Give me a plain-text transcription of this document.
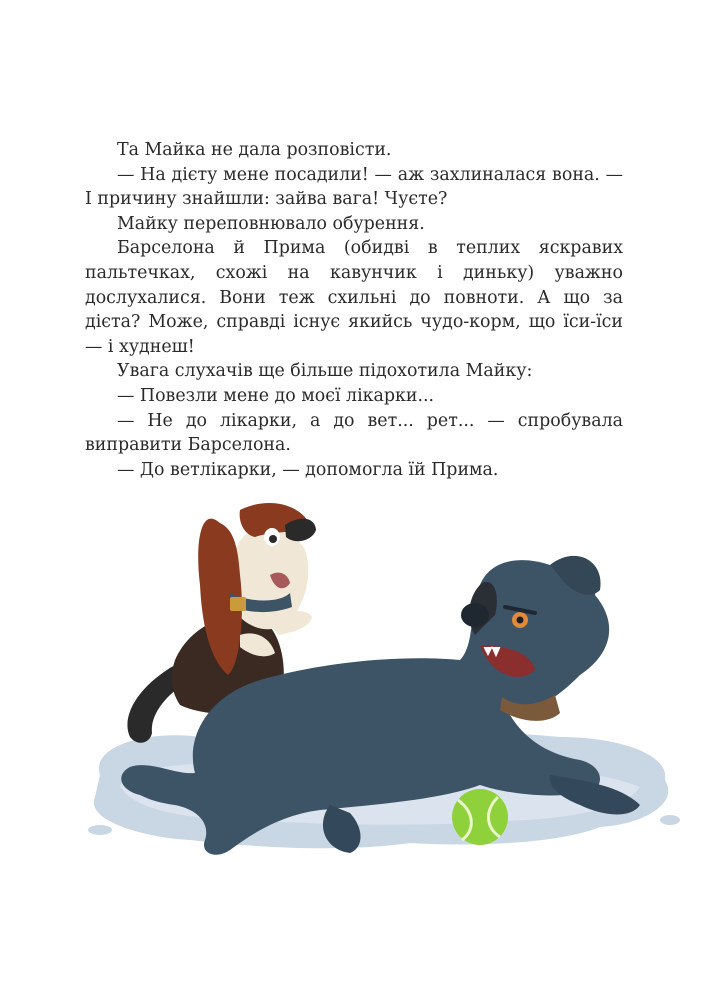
Та Майка не дала розповісти.

— На дієту мене посадили! — аж захлиналася вона. — І причину знайшли: зайва вага! Чуєте?

Майку переповнювало обурення.

Барселона й Прима (обидві в теплих яскравих пальтечках, схожі на кавунчик і диньку) уважно дослухалися. Вони теж схильні до повноти. А що за дієта? Може, справді існує якийсь чудо-корм, що їси-їси — і худнеш!

Увага слухачів ще більше підохотила Майку:

— Повезли мене до моєї лікарки...

— Не до лікарки, а до вет... рет... — спробувала виправити Барселона.

— До ветлікарки, — допомогла їй Прима.
